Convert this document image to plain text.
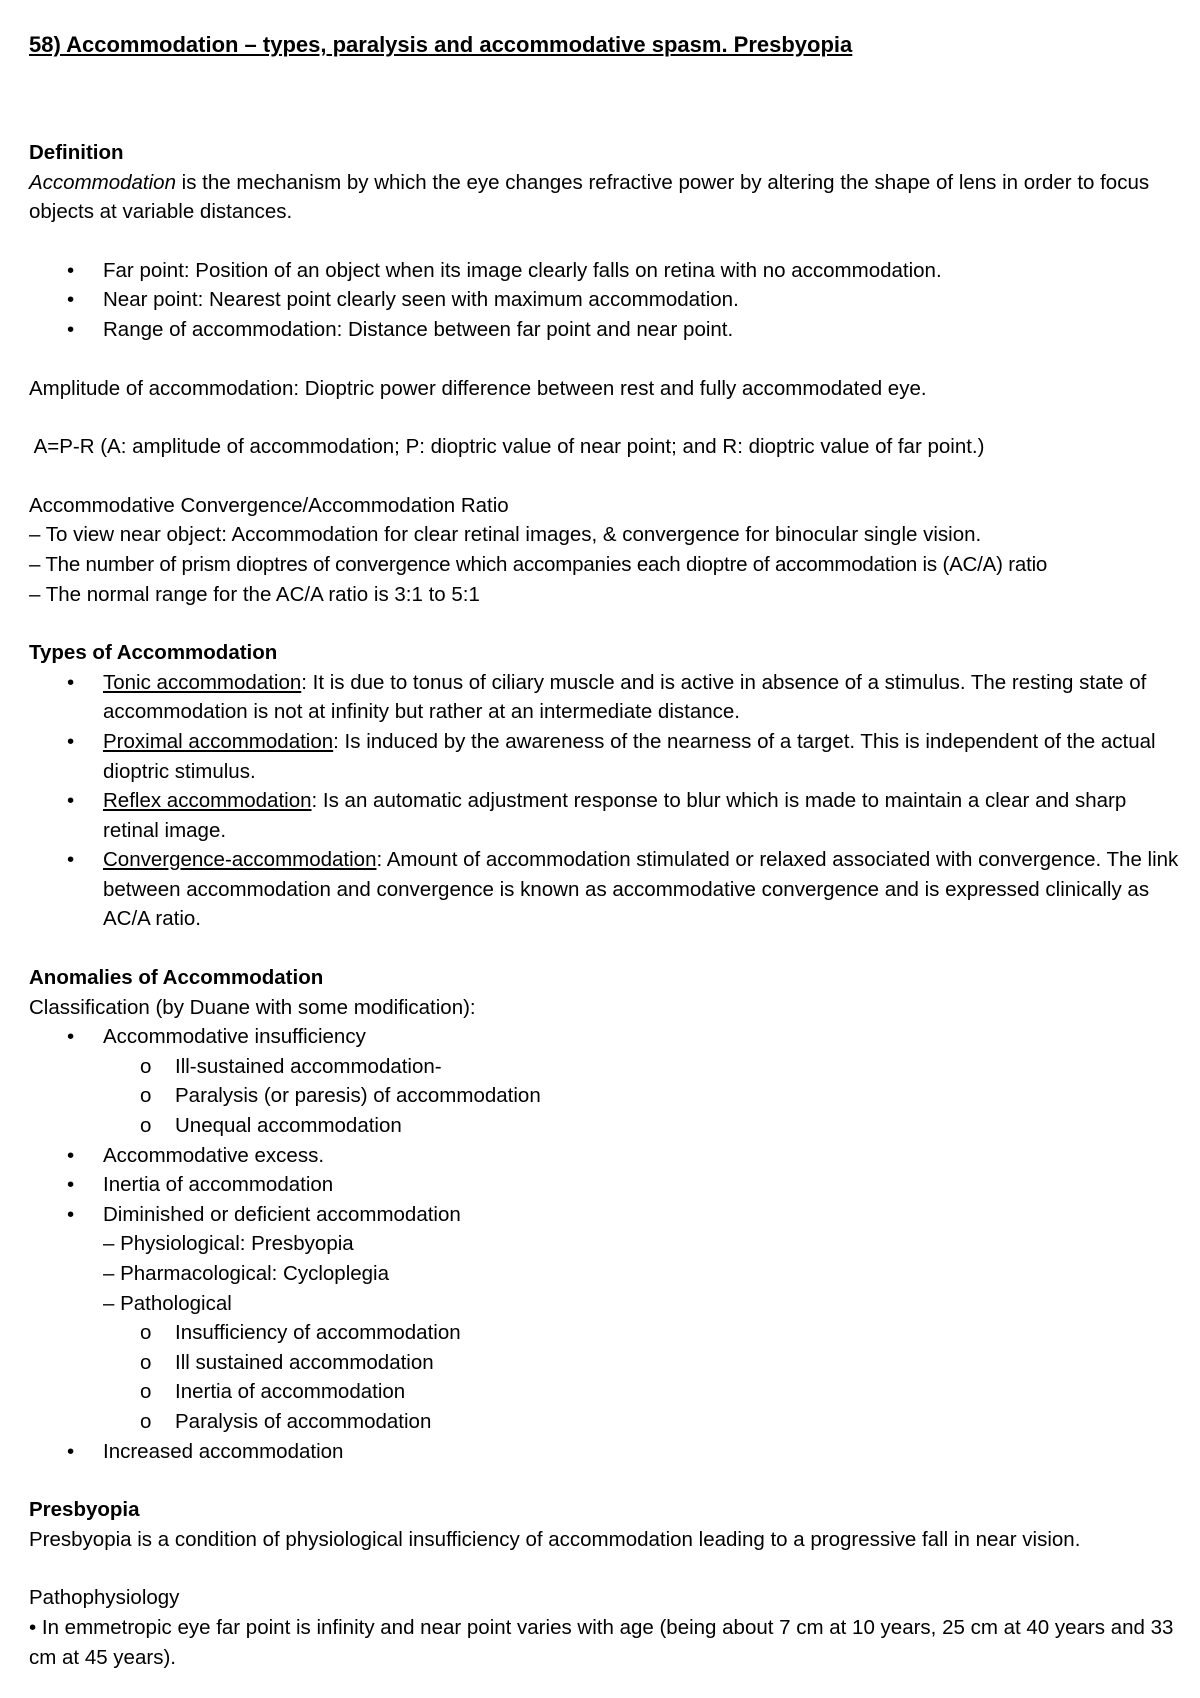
58) Accommodation – types, paralysis and accommodative spasm. Presbyopia

Definition

Accommodation is the mechanism by which the eye changes refractive power by altering the shape of lens in order to focus objects at variable distances.

• Far point: Position of an object when its image clearly falls on retina with no accommodation.
• Near point: Nearest point clearly seen with maximum accommodation.
• Range of accommodation: Distance between far point and near point.

Amplitude of accommodation: Dioptric power difference between rest and fully accommodated eye.

A=P-R (A: amplitude of accommodation; P: dioptric value of near point; and R: dioptric value of far point.)

Accommodative Convergence/Accommodation Ratio

– To view near object: Accommodation for clear retinal images, & convergence for binocular single vision.

– The number of prism dioptres of convergence which accompanies each dioptre of accommodation is (AC/A) ratio

– The normal range for the AC/A ratio is 3:1 to 5:1

Types of Accommodation

• Tonic accommodation: It is due to tonus of ciliary muscle and is active in absence of a stimulus. The resting state of accommodation is not at infinity but rather at an intermediate distance.
• Proximal accommodation: Is induced by the awareness of the nearness of a target. This is independent of the actual dioptric stimulus.
• Reflex accommodation: Is an automatic adjustment response to blur which is made to maintain a clear and sharp retinal image.
• Convergence-accommodation: Amount of accommodation stimulated or relaxed associated with convergence. The link between accommodation and convergence is known as accommodative convergence and is expressed clinically as AC/A ratio.

Anomalies of Accommodation

Classification (by Duane with some modification):

• Accommodative insufficiency
o Ill-sustained accommodation-
o Paralysis (or paresis) of accommodation
o Unequal accommodation
• Accommodative excess.
• Inertia of accommodation
• Diminished or deficient accommodation
– Physiological: Presbyopia
– Pharmacological: Cycloplegia
– Pathological
o Insufficiency of accommodation
o Ill sustained accommodation
o Inertia of accommodation
o Paralysis of accommodation
• Increased accommodation

Presbyopia

Presbyopia is a condition of physiological insufficiency of accommodation leading to a progressive fall in near vision.

Pathophysiology

• In emmetropic eye far point is infinity and near point varies with age (being about 7 cm at 10 years, 25 cm at 40 years and 33 cm at 45 years).
